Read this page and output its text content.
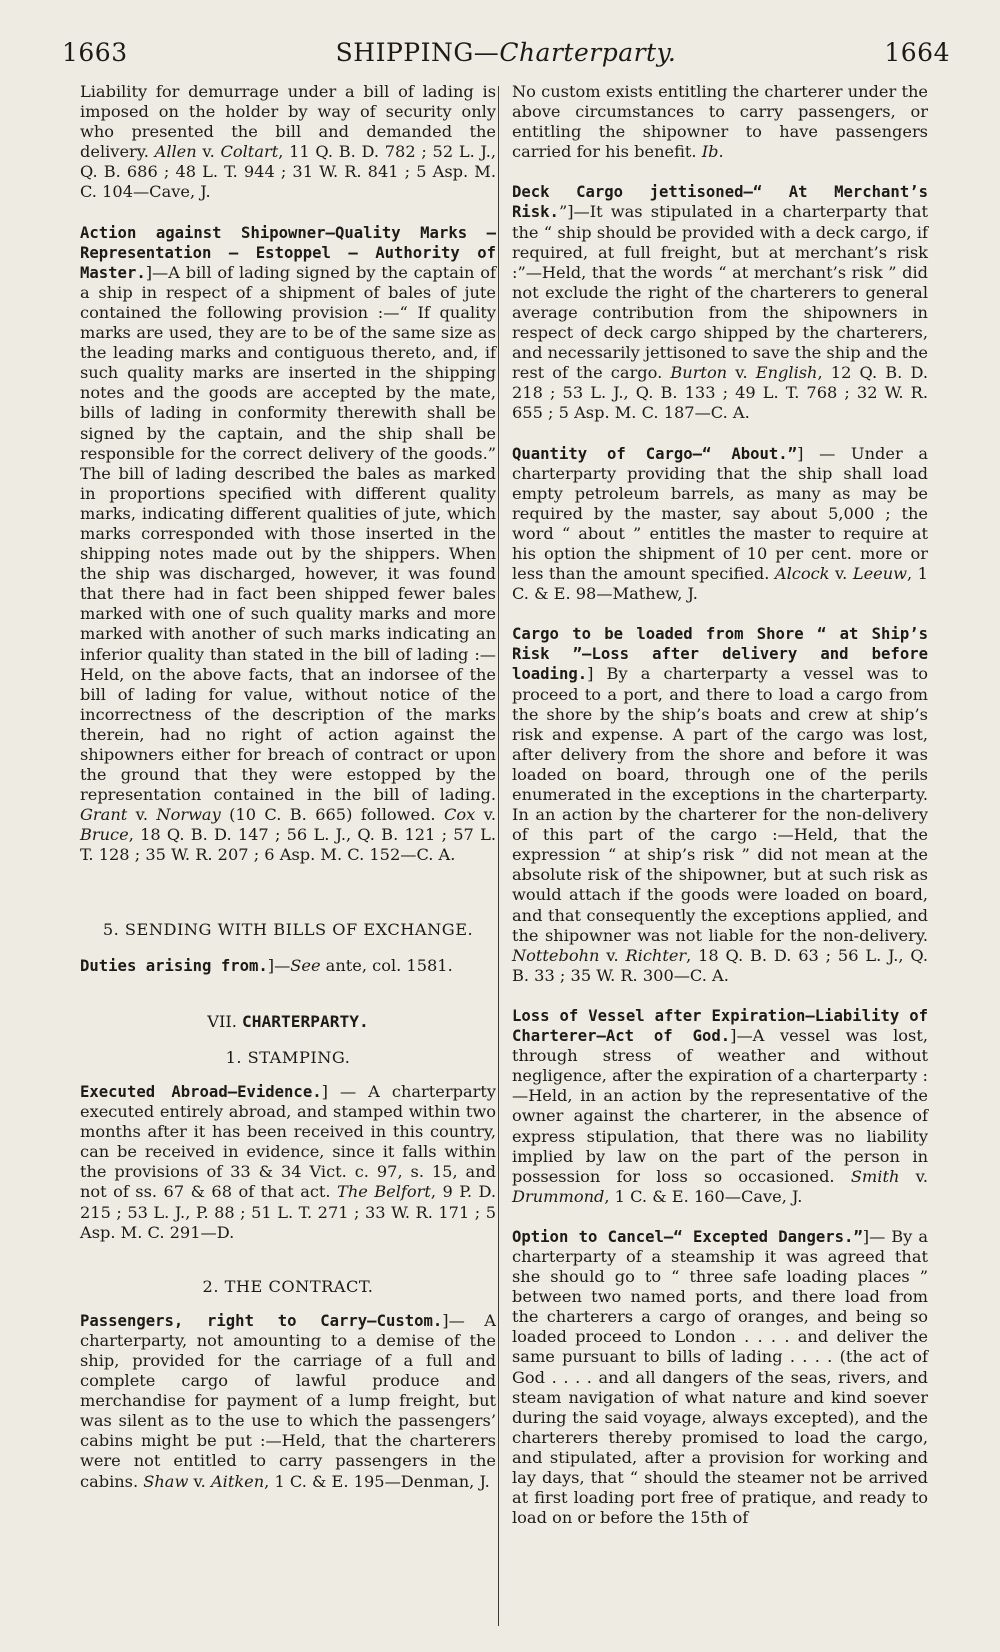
1663	SHIPPING—Charterparty.	1664

Liability for demurrage under a bill of lading is imposed on the holder by way of security only who presented the bill and demanded the delivery. Allen v. Coltart, 11 Q. B. D. 782 ; 52 L. J., Q. B. 686 ; 48 L. T. 944 ; 31 W. R. 841 ; 5 Asp. M. C. 104—Cave, J.

Action against Shipowner—Quality Marks — Representation — Estoppel — Authority of Master.]—A bill of lading signed by the captain of a ship in respect of a shipment of bales of jute contained the following provision :—“ If quality marks are used, they are to be of the same size as the leading marks and contiguous thereto, and, if such quality marks are inserted in the shipping notes and the goods are accepted by the mate, bills of lading in conformity therewith shall be signed by the captain, and the ship shall be responsible for the correct delivery of the goods.” The bill of lading described the bales as marked in proportions specified with different quality marks, indicating different qualities of jute, which marks corresponded with those inserted in the shipping notes made out by the shippers. When the ship was discharged, however, it was found that there had in fact been shipped fewer bales marked with one of such quality marks and more marked with another of such marks indicating an inferior quality than stated in the bill of lading :—Held, on the above facts, that an indorsee of the bill of lading for value, without notice of the incorrectness of the description of the marks therein, had no right of action against the shipowners either for breach of contract or upon the ground that they were estopped by the representation contained in the bill of lading. Grant v. Norway (10 C. B. 665) followed. Cox v. Bruce, 18 Q. B. D. 147 ; 56 L. J., Q. B. 121 ; 57 L. T. 128 ; 35 W. R. 207 ; 6 Asp. M. C. 152—C. A.

5. SENDING WITH BILLS OF EXCHANGE.

Duties arising from.]—See ante, col. 1581.

VII. CHARTERPARTY.
1. STAMPING.

Executed Abroad—Evidence.] — A charterparty executed entirely abroad, and stamped within two months after it has been received in this country, can be received in evidence, since it falls within the provisions of 33 & 34 Vict. c. 97, s. 15, and not of ss. 67 & 68 of that act. The Belfort, 9 P. D. 215 ; 53 L. J., P. 88 ; 51 L. T. 271 ; 33 W. R. 171 ; 5 Asp. M. C. 291—D.

2. THE CONTRACT.

Passengers, right to Carry—Custom.]— A charterparty, not amounting to a demise of the ship, provided for the carriage of a full and complete cargo of lawful produce and merchandise for payment of a lump freight, but was silent as to the use to which the passengers’ cabins might be put :—Held, that the charterers were not entitled to carry passengers in the cabins. Shaw v. Aitken, 1 C. & E. 195—Denman, J.

No custom exists entitling the charterer under the above circumstances to carry passengers, or entitling the shipowner to have passengers carried for his benefit. Ib.

Deck Cargo jettisoned—“ At Merchant’s Risk.”]—It was stipulated in a charterparty that the “ ship should be provided with a deck cargo, if required, at full freight, but at merchant’s risk :”—Held, that the words “ at merchant’s risk ” did not exclude the right of the charterers to general average contribution from the shipowners in respect of deck cargo shipped by the charterers, and necessarily jettisoned to save the ship and the rest of the cargo. Burton v. English, 12 Q. B. D. 218 ; 53 L. J., Q. B. 133 ; 49 L. T. 768 ; 32 W. R. 655 ; 5 Asp. M. C. 187—C. A.

Quantity of Cargo—“ About.”] — Under a charterparty providing that the ship shall load empty petroleum barrels, as many as may be required by the master, say about 5,000 ; the word “ about ” entitles the master to require at his option the shipment of 10 per cent. more or less than the amount specified. Alcock v. Leeuw, 1 C. & E. 98—Mathew, J.

Cargo to be loaded from Shore “ at Ship’s Risk ”—Loss after delivery and before loading.] By a charterparty a vessel was to proceed to a port, and there to load a cargo from the shore by the ship’s boats and crew at ship’s risk and expense. A part of the cargo was lost, after delivery from the shore and before it was loaded on board, through one of the perils enumerated in the exceptions in the charterparty. In an action by the charterer for the non-delivery of this part of the cargo :—Held, that the expression “ at ship’s risk ” did not mean at the absolute risk of the shipowner, but at such risk as would attach if the goods were loaded on board, and that consequently the exceptions applied, and the shipowner was not liable for the non-delivery. Nottebohn v. Richter, 18 Q. B. D. 63 ; 56 L. J., Q. B. 33 ; 35 W. R. 300—C. A.

Loss of Vessel after Expiration—Liability of Charterer—Act of God.]—A vessel was lost, through stress of weather and without negligence, after the expiration of a charterparty :—Held, in an action by the representative of the owner against the charterer, in the absence of express stipulation, that there was no liability implied by law on the part of the person in possession for loss so occasioned. Smith v. Drummond, 1 C. & E. 160—Cave, J.

Option to Cancel—“ Excepted Dangers.”]— By a charterparty of a steamship it was agreed that she should go to “ three safe loading places ” between two named ports, and there load from the charterers a cargo of oranges, and being so loaded proceed to London . . . . and deliver the same pursuant to bills of lading . . . . (the act of God . . . . and all dangers of the seas, rivers, and steam navigation of what nature and kind soever during the said voyage, always excepted), and the charterers thereby promised to load the cargo, and stipulated, after a provision for working and lay days, that “ should the steamer not be arrived at first loading port free of pratique, and ready to load on or before the 15th of
